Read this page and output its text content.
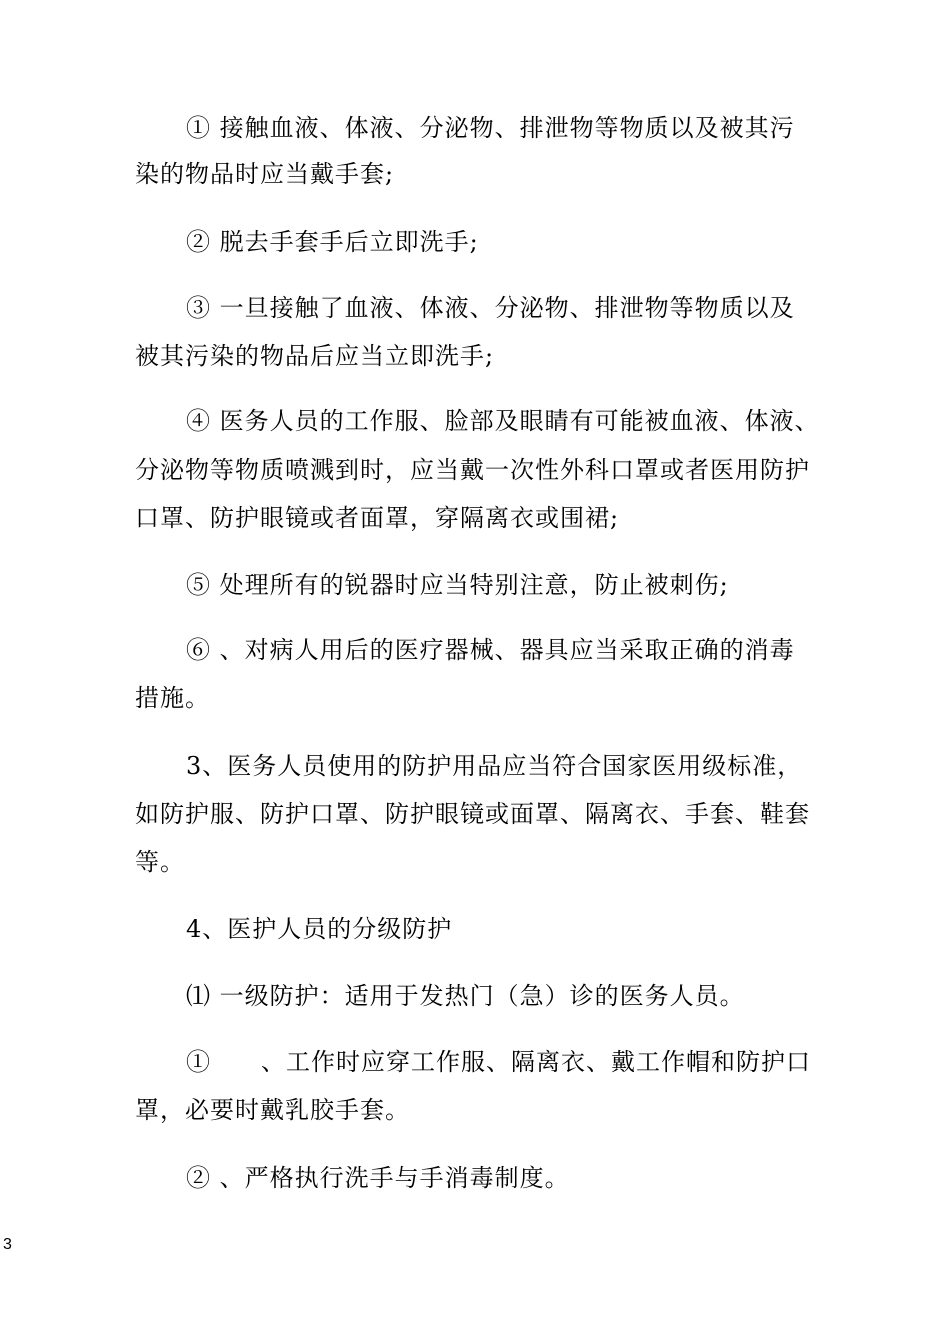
① 接触血液、体液、分泌物、排泄物等物质以及被其污
染的物品时应当戴手套;
② 脱去手套手后立即洗手;
③ 一旦接触了血液、体液、分泌物、排泄物等物质以及
被其污染的物品后应当立即洗手;
④ 医务人员的工作服、脸部及眼睛有可能被血液、体液、
分泌物等物质喷溅到时，应当戴一次性外科口罩或者医用防护
口罩、防护眼镜或者面罩，穿隔离衣或围裙;
⑤ 处理所有的锐器时应当特别注意，防止被刺伤;
⑥ 、对病人用后的医疗器械、器具应当采取正确的消毒
措施。
3、医务人员使用的防护用品应当符合国家医用级标准，
如防护服、防护口罩、防护眼镜或面罩、隔离衣、手套、鞋套
等。
4、医护人员的分级防护
⑴ 一级防护：适用于发热门（急）诊的医务人员。
①　　、工作时应穿工作服、隔离衣、戴工作帽和防护口
罩，必要时戴乳胶手套。
② 、严格执行洗手与手消毒制度。
3
